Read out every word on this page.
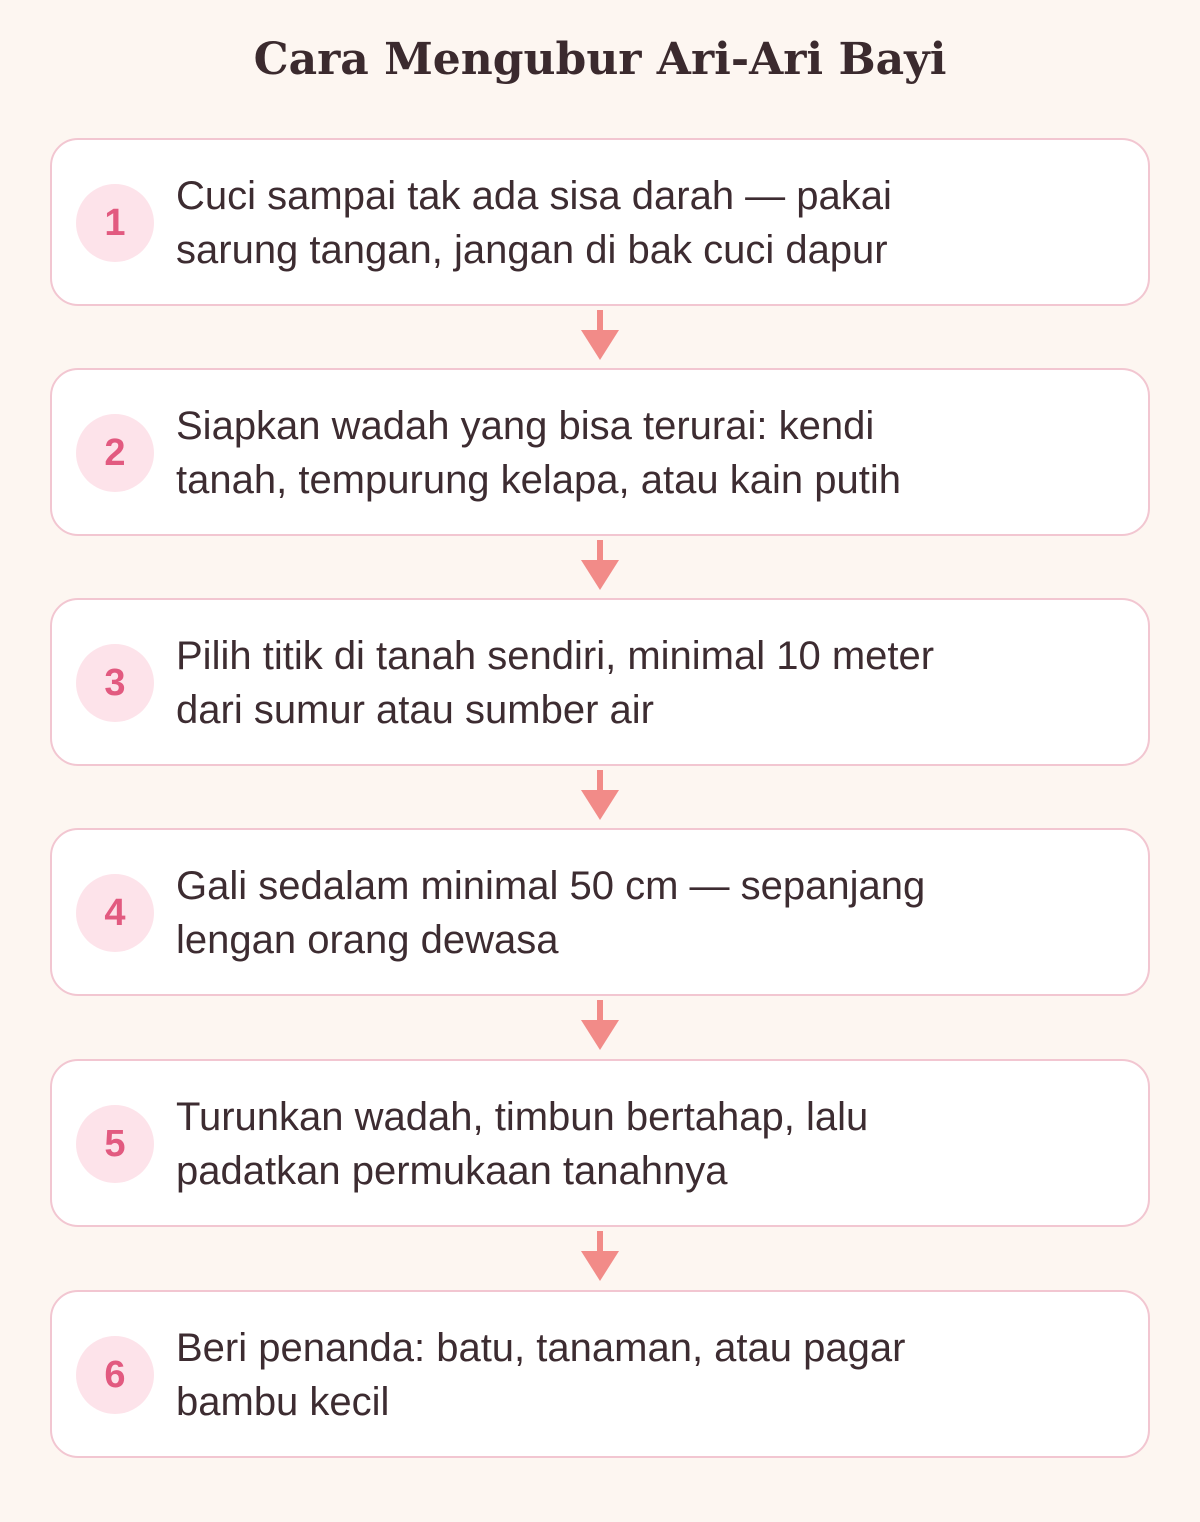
Cara Mengubur Ari-Ari Bayi
1
Cuci sampai tak ada sisa darah — pakai sarung tangan, jangan di bak cuci dapur
2
Siapkan wadah yang bisa terurai: kendi tanah, tempurung kelapa, atau kain putih
3
Pilih titik di tanah sendiri, minimal 10 meter dari sumur atau sumber air
4
Gali sedalam minimal 50 cm — sepanjang lengan orang dewasa
5
Turunkan wadah, timbun bertahap, lalu padatkan permukaan tanahnya
6
Beri penanda: batu, tanaman, atau pagar bambu kecil
